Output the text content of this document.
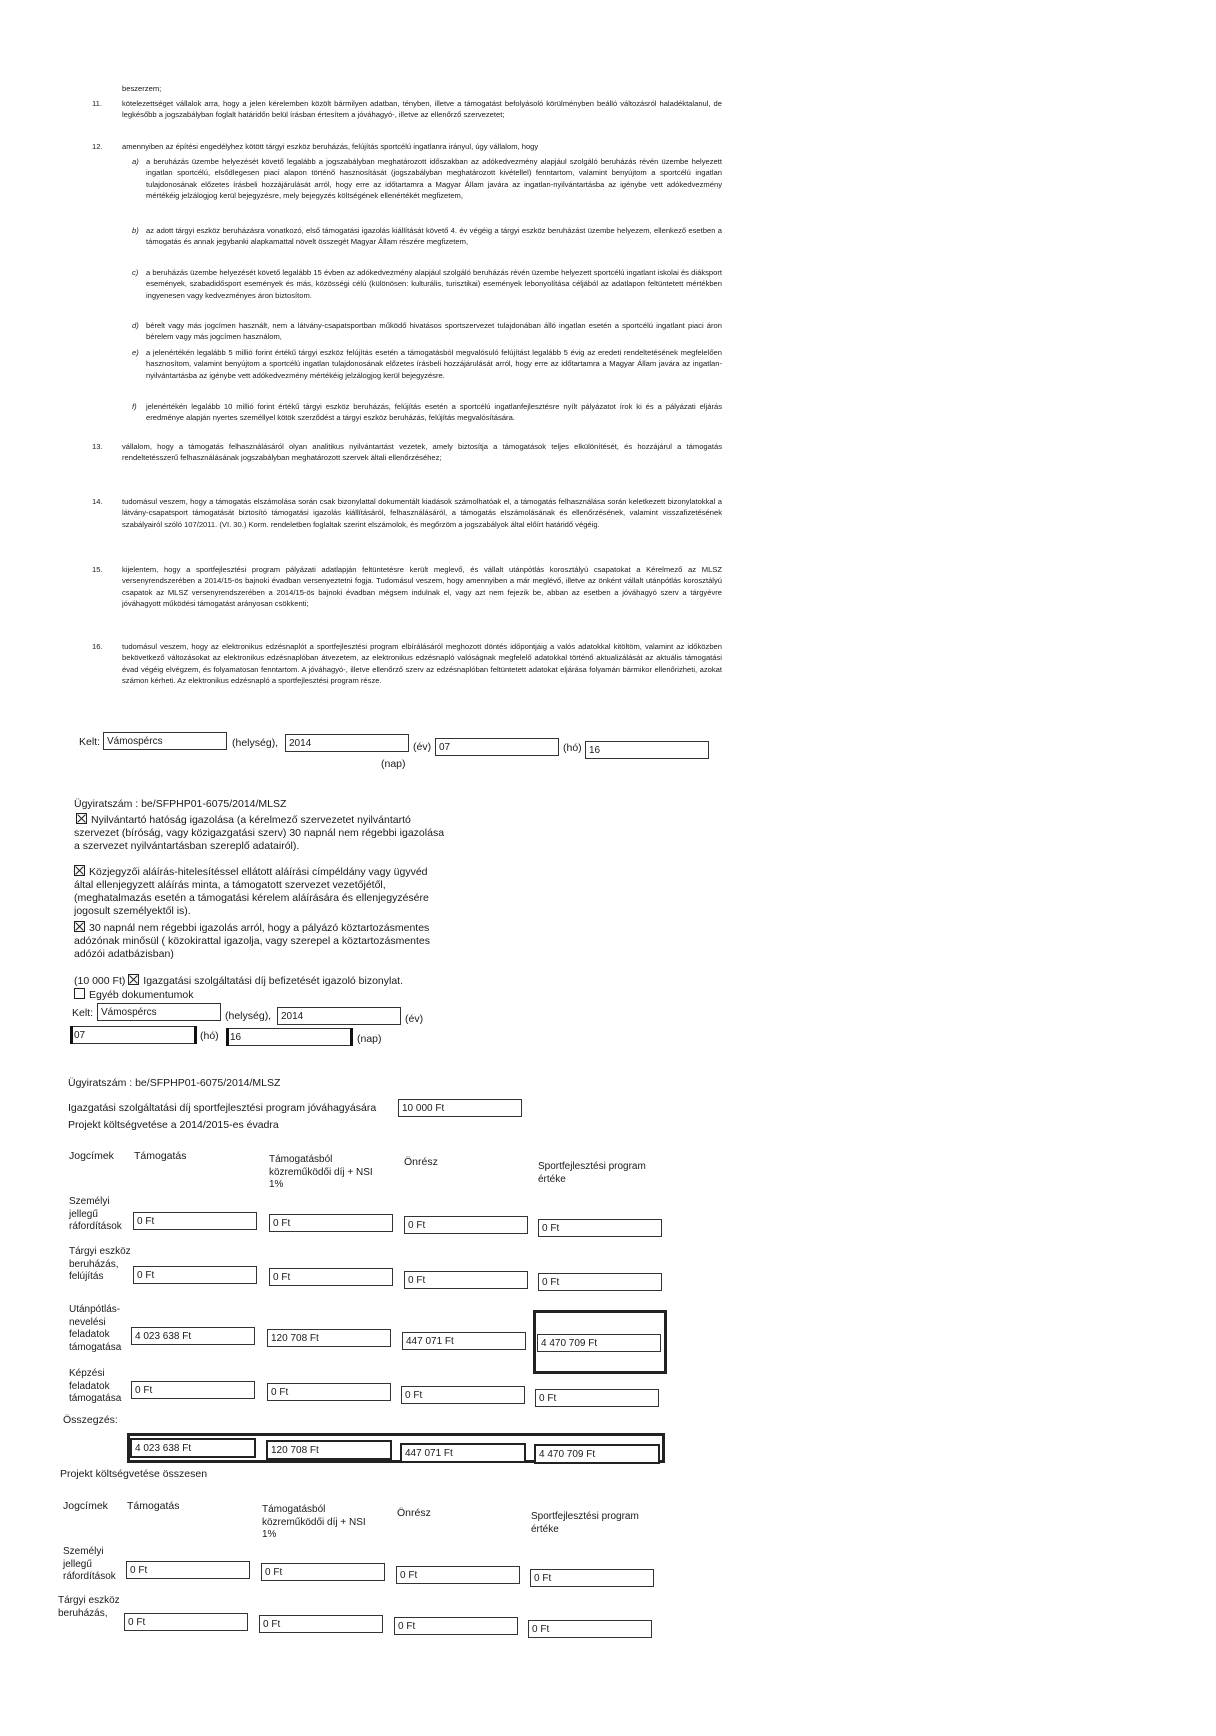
beszerzem;
11.	kötelezettséget vállalok arra, hogy a jelen kérelemben közölt bármilyen adatban, tényben, illetve a támogatást befolyásoló körülményben beálló változásról haladéktalanul, de legkésőbb a jogszabályban foglalt határidőn belül írásban értesítem a jóváhagyó-, illetve az ellenőrző szervezetet;
12.	amennyiben az építési engedélyhez kötött tárgyi eszköz beruházás, felújítás sportcélú ingatlanra irányul, úgy vállalom, hogy
a) a beruházás üzembe helyezését követő legalább a jogszabályban meghatározott időszakban az adókedvezmény alapjául szolgáló beruházás révén üzembe helyezett ingatlan sportcélú, elsődlegesen piaci alapon történő hasznosítását (jogszabályban meghatározott kivétellel) fenntartom, valamint benyújtom a sportcélú ingatlan tulajdonosának előzetes írásbeli hozzájárulását arról, hogy erre az időtartamra a Magyar Állam javára az ingatlan-nyilvántartásba az igénybe vett adókedvezmény mértékéig jelzálogjog kerül bejegyzésre, mely bejegyzés költségének ellenértékét megfizetem,
b) az adott tárgyi eszköz beruházásra vonatkozó, első támogatási igazolás kiállítását követő 4. év végéig a tárgyi eszköz beruházást üzembe helyezem, ellenkező esetben a támogatás és annak jegybanki alapkamattal növelt összegét Magyar Állam részére megfizetem,
c) a beruházás üzembe helyezését követő legalább 15 évben az adókedvezmény alapjául szolgáló beruházás révén üzembe helyezett sportcélú ingatlant iskolai és diáksport események, szabadidősport események és más, közösségi célú (különösen: kulturális, turisztikai) események lebonyolítása céljából az adatlapon feltüntetett mértékben ingyenesen vagy kedvezményes áron biztosítom.
d) bérelt vagy más jogcímen használt, nem a látvány-csapatsportban működő hivatásos sportszervezet tulajdonában álló ingatlan esetén a sportcélú ingatlant piaci áron bérelem vagy más jogcímen használom,
e) a jelenértékén legalább 5 millió forint értékű tárgyi eszköz felújítás esetén a támogatásból megvalósuló felújítást legalább 5 évig az eredeti rendeltetésének megfelelően hasznosítom, valamint benyújtom a sportcélú ingatlan tulajdonosának előzetes írásbeli hozzájárulását arról, hogy erre az időtartamra a Magyar Állam javára az ingatlan-nyilvántartásba az igénybe vett adókedvezmény mértékéig jelzálogjog kerül bejegyzésre.
f) jelenértékén legalább 10 millió forint értékű tárgyi eszköz beruházás, felújítás esetén a sportcélú ingatlanfejlesztésre nyílt pályázatot írok ki és a pályázati eljárás eredménye alapján nyertes személlyel kötök szerződést a tárgyi eszköz beruházás, felújítás megvalósítására.
13.	vállalom, hogy a támogatás felhasználásáról olyan analitikus nyilvántartást vezetek, amely biztosítja a támogatások teljes elkülönítését, és hozzájárul a támogatás rendeltetésszerű felhasználásának jogszabályban meghatározott szervek általi ellenőrzéséhez;
14.	tudomásul veszem, hogy a támogatás elszámolása során csak bizonylattal dokumentált kiadások számolhatóak el, a támogatás felhasználása során keletkezett bizonylatokkal a látvány-csapatsport támogatását biztosító támogatási igazolás kiállításáról, felhasználásáról, a támogatás elszámolásának és ellenőrzésének, valamint visszafizetésének szabályairól szóló 107/2011. (VI. 30.) Korm. rendeletben foglaltak szerint elszámolok, és megőrzöm a jogszabályok által előírt határidő végéig.
15.	kijelentem, hogy a sportfejlesztési program pályázati adatlapján feltüntetésre került meglevő, és vállalt utánpótlás korosztályú csapatokat a Kérelmező az MLSZ versenyrendszerében a 2014/15-ös bajnoki évadban versenyeztetni fogja. Tudomásul veszem, hogy amennyiben a már meglévő, illetve az önként vállalt utánpótlás korosztályú csapatok az MLSZ versenyrendszerében a 2014/15-ös bajnoki évadban mégsem indulnak el, vagy azt nem fejezik be, abban az esetben a jóváhagyó szerv a tárgyévre jóváhagyott működési támogatást arányosan csökkenti;
16.	tudomásul veszem, hogy az elektronikus edzésnaplót a sportfejlesztési program elbírálásáról meghozott döntés időpontjáig a valós adatokkal kitöltöm, valamint az időközben bekövetkező változásokat az elektronikus edzésnaplóban átvezetem, az elektronikus edzésnapló valóságnak megfelelő adatokkal történő aktualizálását az aktuális támogatási évad végéig elvégzem, és folyamatosan fenntartom. A jóváhagyó-, illetve ellenőrző szerv az edzésnaplóban feltüntetett adatokat eljárása folyamán bármikor ellenőrizheti, azokat számon kérheti. Az elektronikus edzésnapló a sportfejlesztési program része.
Kelt: Vámospércs	(helység),	2014	(év) 07	(hó) 16
(nap)
Ügyiratszám : be/SFPHP01-6075/2014/MLSZ
Nyilvántartó hatóság igazolása (a kérelmező szervezetet nyilvántartó szervezet (bíróság, vagy közigazgatási szerv) 30 napnál nem régebbi igazolása a szervezet nyilvántartásban szereplő adatairól).
Közjegyzői aláírás-hitelesítéssel ellátott aláírási címpéldány vagy ügyvéd által ellenjegyzett aláírás minta, a támogatott szervezet vezetőjétől, (meghatalmazás esetén a támogatási kérelem aláírására és ellenjegyzésére jogosult személyektől is).
30 napnál nem régebbi igazolás arról, hogy a pályázó köztartozásmentes adózónak minősül ( közokirattal igazolja, vagy szerepel a köztartozásmentes adózói adatbázisban)
(10 000 Ft) Igazgatási szolgáltatási díj befizetését igazoló bizonylat.
Egyéb dokumentumok
Kelt: Vámospércs	(helység), 2014	(év)
07	(hó)	16	(nap)
Ügyiratszám : be/SFPHP01-6075/2014/MLSZ
Igazgatási szolgáltatási díj sportfejlesztési program jóváhagyására	10 000 Ft
Projekt költségvetése a 2014/2015-es évadra
Jogcímek Támogatás	Támogatásból közreműködői díj + NSI 1%
Önrész	Sportfejlesztési program értéke
Személyi jellegű ráfordítások	0 Ft	0 Ft	0 Ft	0 Ft
Tárgyi eszköz beruházás, felújítás	0 Ft	0 Ft	0 Ft	0 Ft
Utánpótlás-nevelési feladatok támogatása
4 023 638 Ft	120 708 Ft	447 071 Ft	4 470 709 Ft
Képzési feladatok támogatása
0 Ft	0 Ft	0 Ft	0 Ft
Összegzés:
4 023 638 Ft	120 708 Ft	447 071 Ft	4 470 709 Ft
Projekt költségvetése összesen
Jogcímek Támogatás	Támogatásból közreműködői díj + NSI 1%
Önrész	Sportfejlesztési program értéke
Személyi jellegű ráfordítások
0 Ft	0 Ft	0 Ft	0 Ft
Tárgyi eszköz beruházás,
0 Ft	0 Ft	0 Ft	0 Ft
